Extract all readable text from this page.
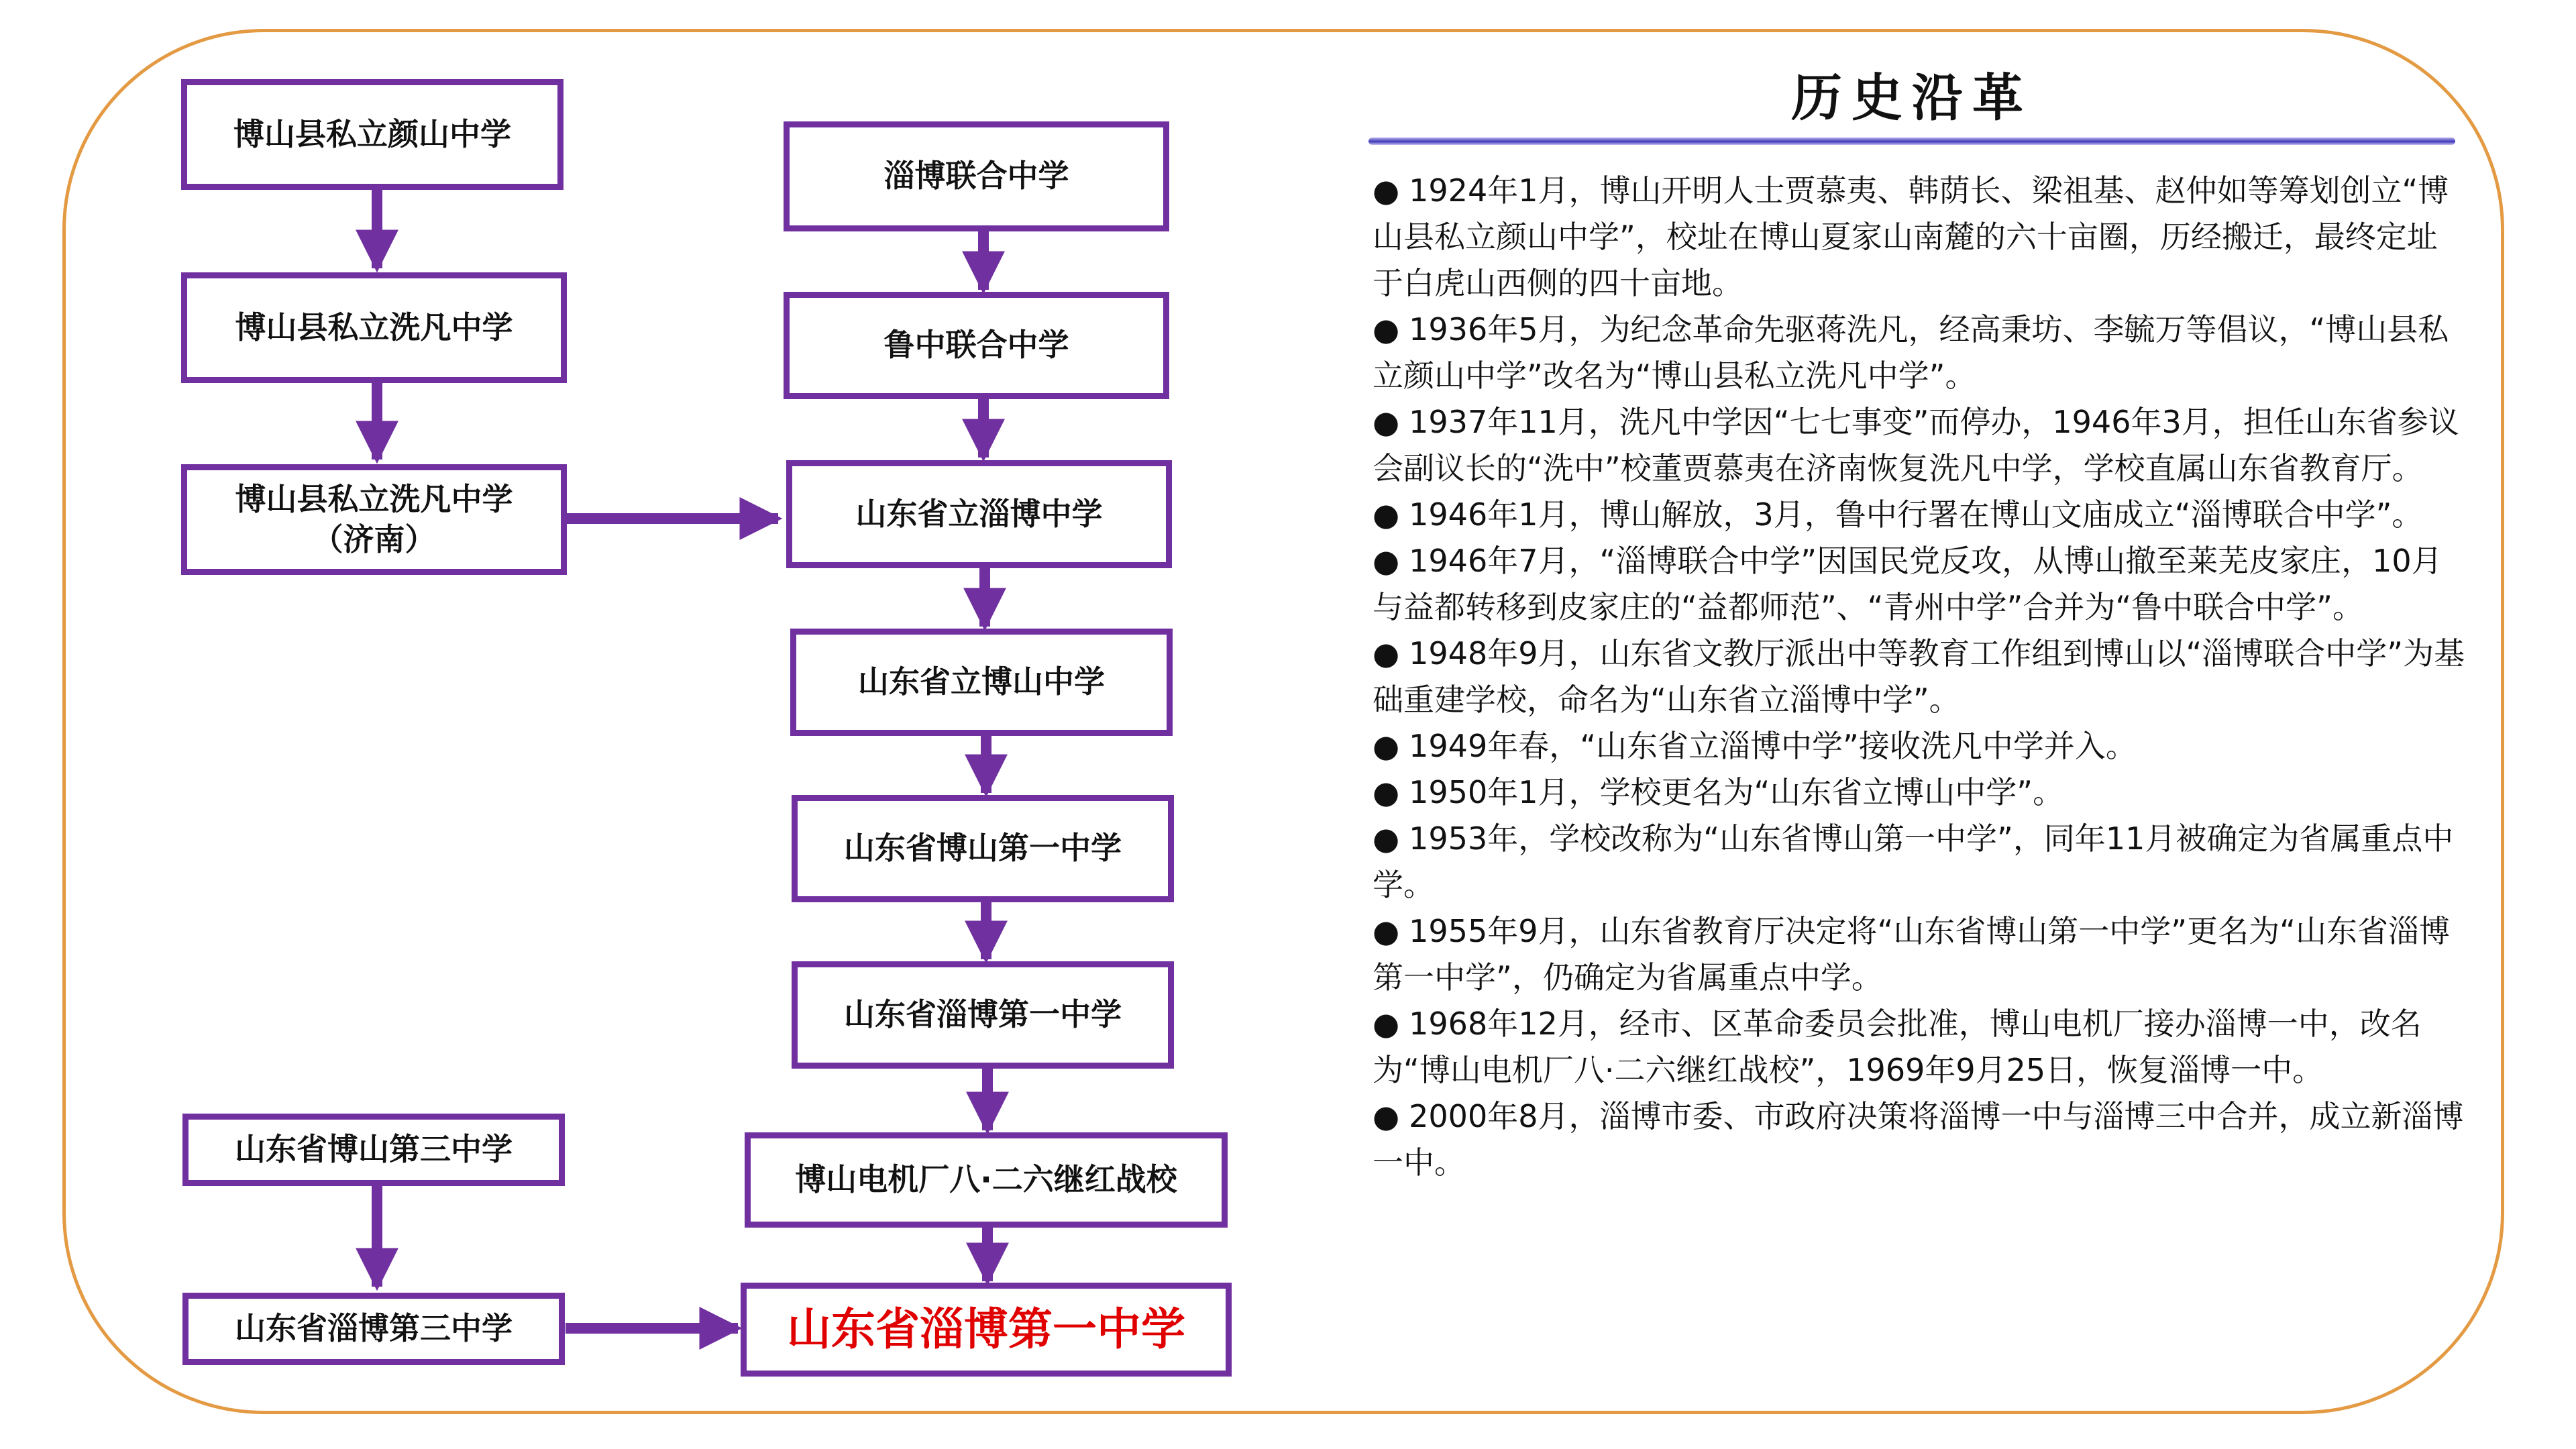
博山县私立颜山中学
博山县私立洗凡中学
博山县私立洗凡中学
（济南）
淄博联合中学
鲁中联合中学
山东省立淄博中学
山东省立博山中学
山东省博山第一中学
山东省淄博第一中学
博山电机厂八·二六继红战校
山东省博山第三中学
山东省淄博第三中学	山东省淄博第一中学
历史沿革

● 1924年1月，博山开明人士贾慕夷、韩荫长、梁祖基、赵仲如等筹划创立“博山县私立颜山中学”，校址在博山夏家山南麓的六十亩圈，历经搬迁，最终定址于白虎山西侧的四十亩地。

● 1936年5月，为纪念革命先驱蒋洗凡，经高秉坊、李毓万等倡议，“博山县私立颜山中学”改名为“博山县私立洗凡中学”。

● 1937年11月，洗凡中学因“七七事变”而停办，1946年3月，担任山东省参议会副议长的“洗中”校董贾慕夷在济南恢复洗凡中学，学校直属山东省教育厅。

● 1946年1月，博山解放，3月，鲁中行署在博山文庙成立“淄博联合中学”。

● 1946年7月，“淄博联合中学”因国民党反攻，从博山撤至莱芜皮家庄，10月与益都转移到皮家庄的“益都师范”、“青州中学”合并为“鲁中联合中学”。

● 1948年9月，山东省文教厅派出中等教育工作组到博山以“淄博联合中学”为基础重建学校，命名为“山东省立淄博中学”。

● 1949年春，“山东省立淄博中学”接收洗凡中学并入。

● 1950年1月，学校更名为“山东省立博山中学”。

● 1953年，学校改称为“山东省博山第一中学”，同年11月被确定为省属重点中学。

● 1955年9月，山东省教育厅决定将“山东省博山第一中学”更名为“山东省淄博第一中学”，仍确定为省属重点中学。

● 1968年12月，经市、区革命委员会批准，博山电机厂接办淄博一中，改名为“博山电机厂八·二六继红战校”，1969年9月25日，恢复淄博一中。

● 2000年8月，淄博市委、市政府决策将淄博一中与淄博三中合并，成立新淄博一中。
